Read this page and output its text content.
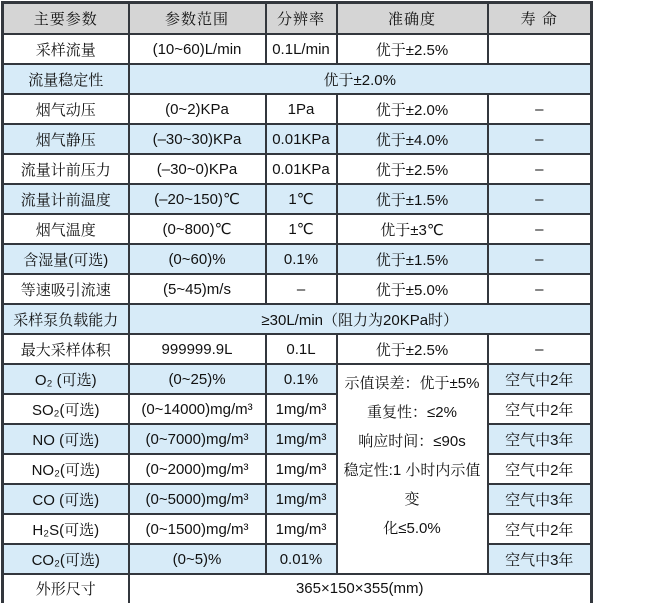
主要参数	参数范围	分辨率	准确度	寿 命
采样流量	(10~60)L/min	0.1L/min	优于±2.5%	
流量稳定性	优于±2.0%			
烟气动压	(0~2)KPa	1Pa	优于±2.0%	–
烟气静压	(–30~30)KPa	0.01KPa	优于±4.0%	–
流量计前压力	(–30~0)KPa	0.01KPa	优于±2.5%	–
流量计前温度	(–20~150)℃	1℃	优于±1.5%	–
烟气温度	(0~800)℃	1℃	优于±3℃	–
含湿量(可选)	(0~60)%	0.1%	优于±1.5%	–
等速吸引流速	(5~45)m/s	–	优于±5.0%	–
采样泵负载能力	≥30L/min（阻力为20KPa时）			
最大采样体积	999999.9L	0.1L	优于±2.5%	–
O₂ (可选)	(0~25)%	0.1%	示值误差：优于±5%
重复性：≤2%
响应时间：≤90s
稳定性:1 小时内示值变
化≤5.0%	空气中2年
SO₂(可选)	(0~14000)mg/m³	1mg/m³		空气中2年
NO (可选)	(0~7000)mg/m³	1mg/m³		空气中3年
NO₂(可选)	(0~2000)mg/m³	1mg/m³		空气中2年
CO (可选)	(0~5000)mg/m³	1mg/m³		空气中3年
H₂S(可选)	(0~1500)mg/m³	1mg/m³		空气中2年
CO₂(可选)	(0~5)%	0.01%		空气中3年
外形尺寸	365×150×355(mm)			
